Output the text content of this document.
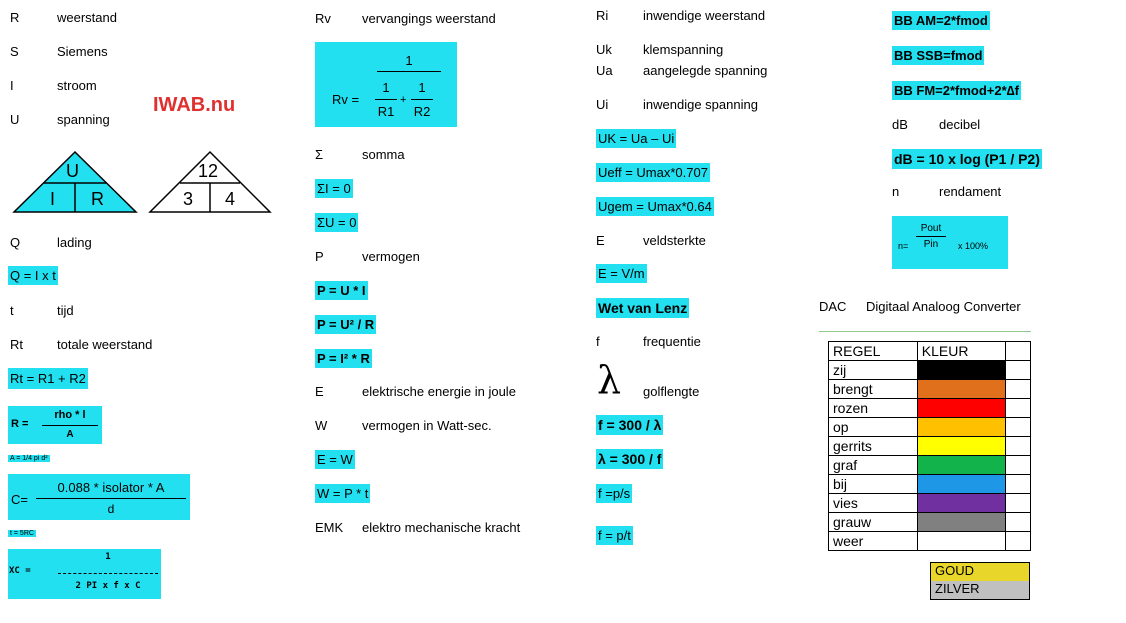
R	weerstand
S	Siemens
I	stroom
U	spanning
IWAB.nu
U
I R
12
3 4
Q	lading
Q = I x t
t	tijd
Rt	totale weerstand
Rt = R1 + R2
R =
rho * l
A
A = 1/4 pi d²
C=
0.088 * isolator * A
d
t = 5RC
XC =
1
2 PI x f x C
Rv vervangings weerstand
Rv =
1
1
R1
+
1
R2
Σ	somma
ΣI = 0
ΣU = 0
P	vermogen
P = U * I
P = U² / R
P = I² * R
E	elektrische energie in joule
W	vermogen in Watt-sec.
E = W
W = P * t
EMK elektro mechanische kracht
Ri	inwendige weerstand
Uk klemspanning
Ua aangelegde spanning
Ui	inwendige spanning
UK = Ua – Ui
Ueff = Umax*0.707
Ugem = Umax*0.64
E	veldsterkte
E = V/m
Wet van Lenz
f	frequentie
λ golflengte
f = 300 / λ
λ = 300 / f
f =p/s
f = p/t
BB AM=2*fmod
BB SSB=fmod
BB FM=2*fmod+2*∆f
dB decibel
dB = 10 x log (P1 / P2)
n	rendament
n=
Pout
Pin	x 100%
DAC Digitaal Analoog Converter
REGEL	KLEUR	
zij		
brengt		
rozen		
op		
gerrits		
graf		
bij		
vies		
grauw		
weer		
GOUD
ZILVER
